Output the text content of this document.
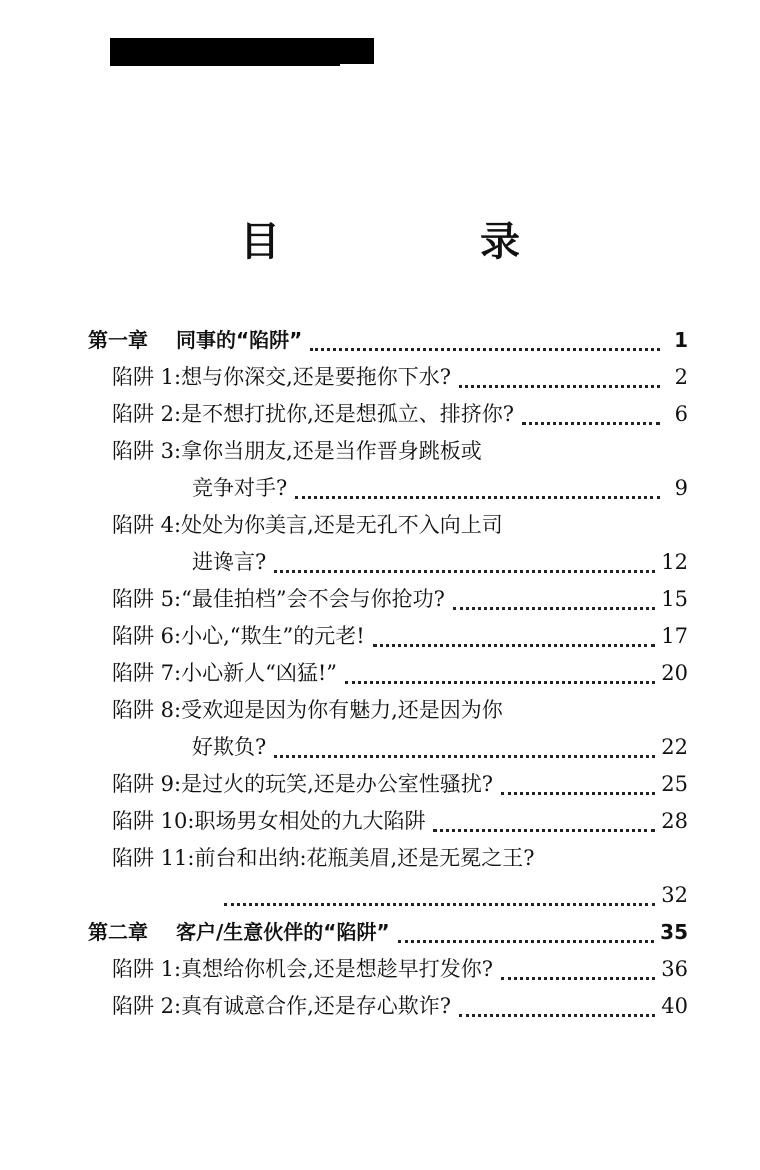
目　录
第一章 同事的“陷阱”	1
陷阱 1:想与你深交,还是要拖你下水?	2
陷阱 2:是不想打扰你,还是想孤立、排挤你?	6
陷阱 3:拿你当朋友,还是当作晋身跳板或
竞争对手?	9
陷阱 4:处处为你美言,还是无孔不入向上司
进谗言?	12
陷阱 5:“最佳拍档”会不会与你抢功?	15
陷阱 6:小心,“欺生”的元老!	17
陷阱 7:小心新人“凶猛!”	20
陷阱 8:受欢迎是因为你有魅力,还是因为你
好欺负?	22
陷阱 9:是过火的玩笑,还是办公室性骚扰?	25
陷阱 10:职场男女相处的九大陷阱	28
陷阱 11:前台和出纳:花瓶美眉,还是无冕之王?
32
第二章 客户/生意伙伴的“陷阱”	35
陷阱 1:真想给你机会,还是想趁早打发你?	36
陷阱 2:真有诚意合作,还是存心欺诈?	40
